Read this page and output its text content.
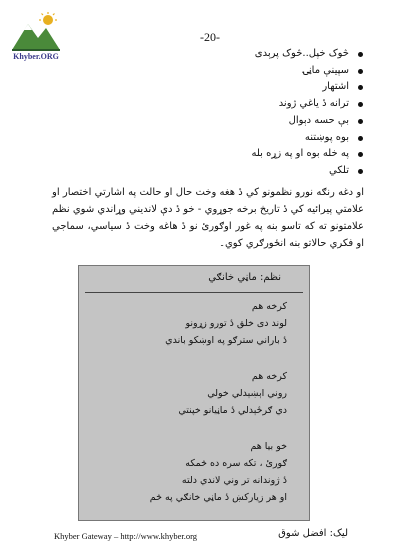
Khyber.ORG
-20-
څوک خپل..څوک پرېدی
سپينې ماڼۍ
اشتهار
ترانه دٔ ياغي ژوند
بې حسه دېوال
بوه پوښتنه
په خله بوه او په زړه بله
تلکي
او دغه رنګه نورو نظمونو کي دٔ هغه وخت حال او حالت په اشارتي اختصار او علامتي پيرائيه کي دٔ تاريخ برخه جوړوي - خو دٔ دې لانديني وړاندي شوي نظم علامتونو ته که تاسو بنه په غور اوګورئ نو دٔ هاغه وخت دٔ سياسي، سماجي او فکري حالاتو بنه انځورګري کوي۔
نظم: ماڼي خانګي
کرخه هم
لوند دی خلق دٔ تورو زړونو
دٔ باراني سترګو په اوښکو باندي
کرخه هم
روني اېښېدلي خولي
دي ګرځېدلي دٔ ماڼيانو خپنتي
خو بيا هم
ګورئ ، تکه سره ده څمکه
دٔ ژوندانه تر وني لاندي دلته
او هر زيارکښ دٔ ماڼي خانګي په څم
Khyber Gateway – http://www.khyber.org	ليک: افضل شوق
